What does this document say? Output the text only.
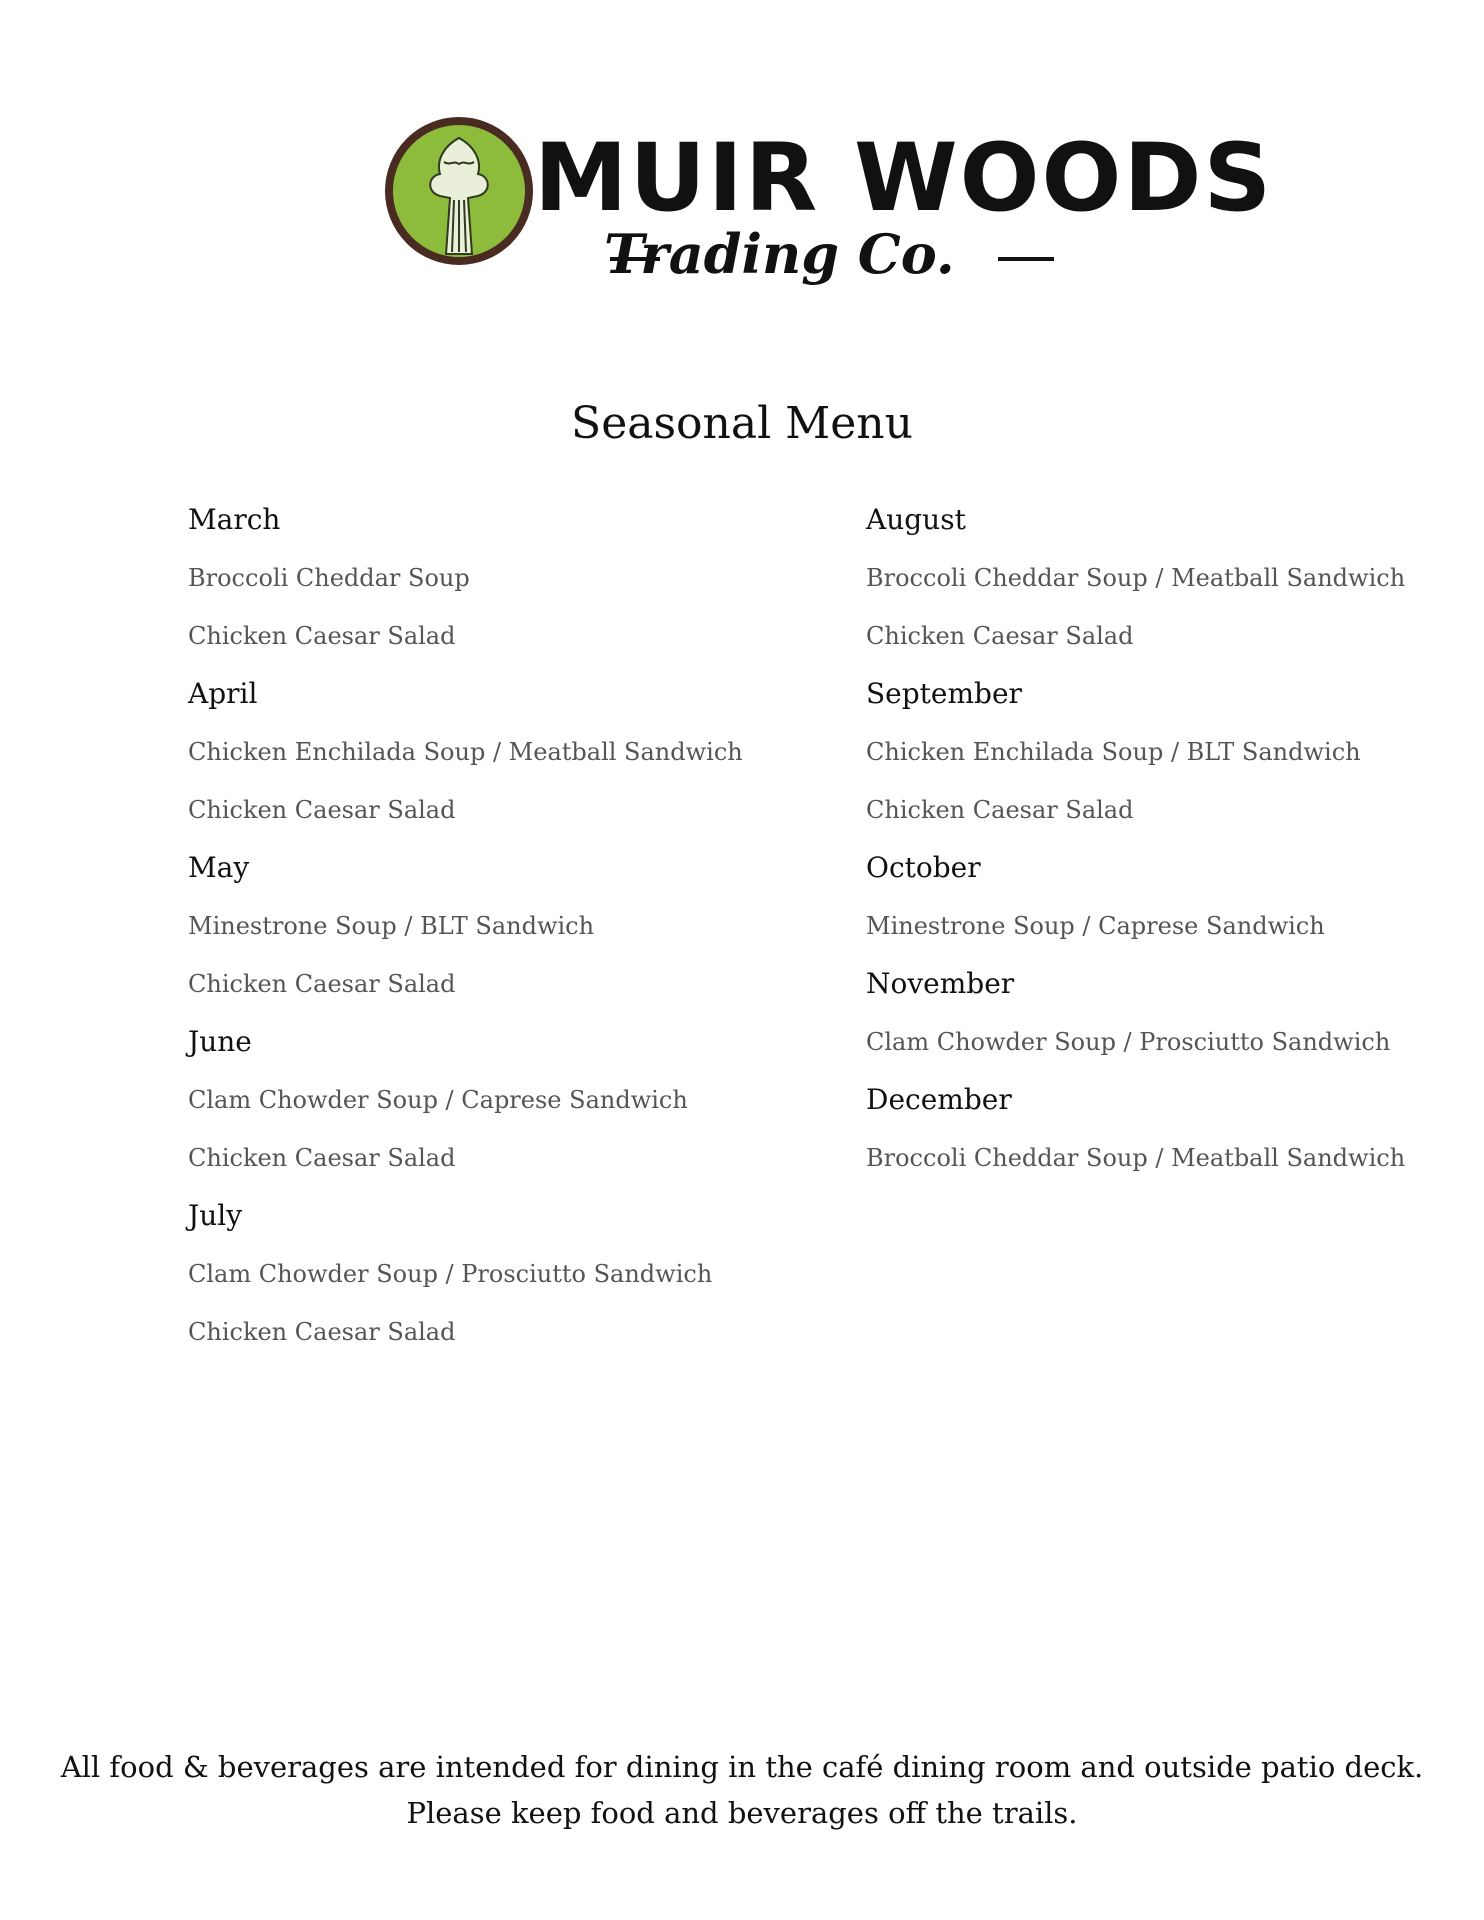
MUIR WOODS
Trading Co.
Seasonal Menu
March
Broccoli Cheddar Soup
Chicken Caesar Salad
April
Chicken Enchilada Soup / Meatball Sandwich
Chicken Caesar Salad
May
Minestrone Soup / BLT Sandwich
Chicken Caesar Salad
June
Clam Chowder Soup / Caprese Sandwich
Chicken Caesar Salad
July
Clam Chowder Soup / Prosciutto Sandwich
Chicken Caesar Salad
August
Broccoli Cheddar Soup / Meatball Sandwich
Chicken Caesar Salad
September
Chicken Enchilada Soup / BLT Sandwich
Chicken Caesar Salad
October
Minestrone Soup / Caprese Sandwich
November
Clam Chowder Soup / Prosciutto Sandwich
December
Broccoli Cheddar Soup / Meatball Sandwich
All food & beverages are intended for dining in the café dining room and outside patio deck. Please keep food and beverages off the trails.
